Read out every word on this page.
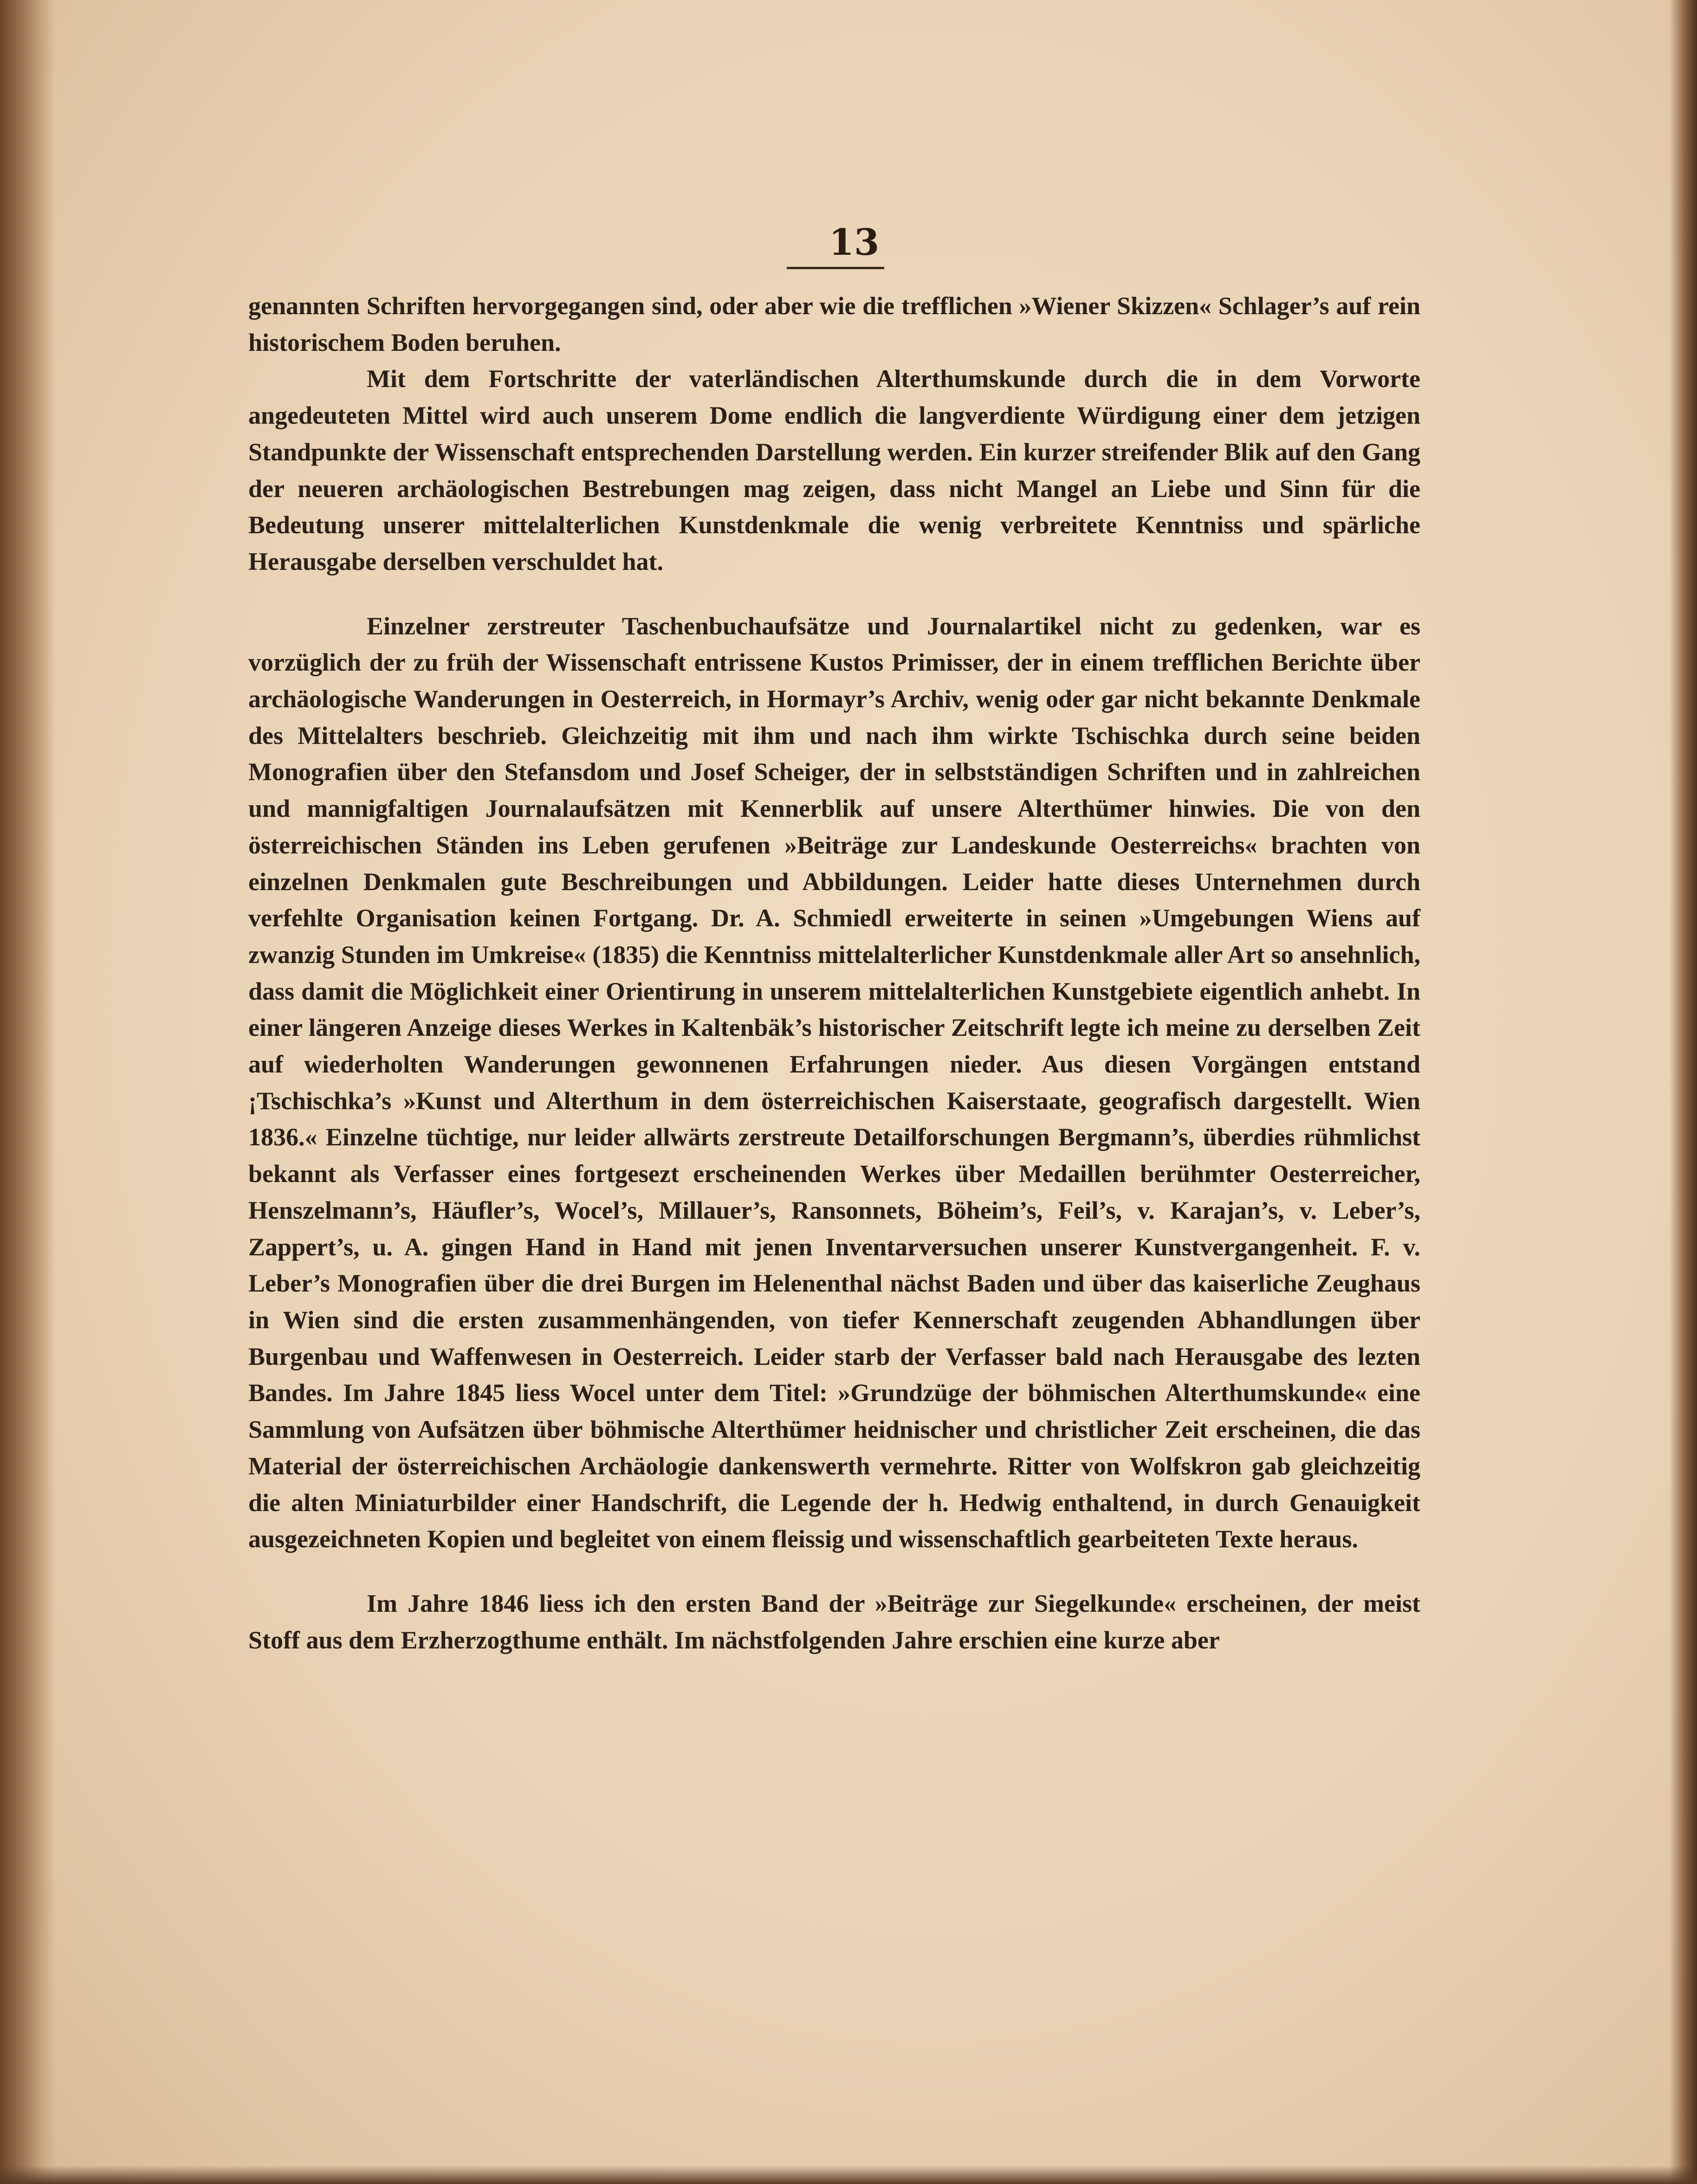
13

genannten Schriften hervorgegangen sind, oder aber wie die trefflichen »Wiener Skizzen« Schlager’s auf rein historischem Boden beruhen.

Mit dem Fortschritte der vaterländischen Alterthumskunde durch die in dem Vorworte angedeuteten Mittel wird auch unserem Dome endlich die langverdiente Würdigung einer dem jetzigen Standpunkte der Wissenschaft entsprechenden Darstellung werden. Ein kurzer streifender Blik auf den Gang der neueren archäologischen Bestrebungen mag zeigen, dass nicht Mangel an Liebe und Sinn für die Bedeutung unserer mittelalterlichen Kunstdenkmale die wenig verbreitete Kenntniss und spärliche Herausgabe derselben verschuldet hat.

Einzelner zerstreuter Taschenbuchaufsätze und Journalartikel nicht zu gedenken, war es vorzüglich der zu früh der Wissenschaft entrissene Kustos Primisser, der in einem trefflichen Berichte über archäologische Wanderungen in Oesterreich, in Hormayr’s Archiv, wenig oder gar nicht bekannte Denkmale des Mittelalters beschrieb. Gleichzeitig mit ihm und nach ihm wirkte Tschischka durch seine beiden Monografien über den Stefansdom und Josef Scheiger, der in selbstständigen Schriften und in zahlreichen und mannigfaltigen Journalaufsätzen mit Kennerblik auf unsere Alterthümer hinwies. Die von den österreichischen Ständen ins Leben gerufenen »Beiträge zur Landeskunde Oesterreichs« brachten von einzelnen Denkmalen gute Beschreibungen und Abbildungen. Leider hatte dieses Unternehmen durch verfehlte Organisation keinen Fortgang. Dr. A. Schmiedl erweiterte in seinen »Umgebungen Wiens auf zwanzig Stunden im Umkreise« (1835) die Kenntniss mittelalterlicher Kunstdenkmale aller Art so ansehnlich, dass damit die Möglichkeit einer Orientirung in unserem mittelalterlichen Kunstgebiete eigentlich anhebt. In einer längeren Anzeige dieses Werkes in Kaltenbäk’s historischer Zeitschrift legte ich meine zu derselben Zeit auf wiederholten Wanderungen gewonnenen Erfahrungen nieder. Aus diesen Vorgängen entstand ¡Tschischka’s »Kunst und Alterthum in dem österreichischen Kaiserstaate, geografisch dargestellt. Wien 1836.« Einzelne tüchtige, nur leider allwärts zerstreute Detailforschungen Bergmann’s, überdies rühmlichst bekannt als Verfasser eines fortgesezt erscheinenden Werkes über Medaillen berühmter Oesterreicher, Henszelmann’s, Häufler’s, Wocel’s, Millauer’s, Ransonnets, Böheim’s, Feil’s, v. Karajan’s, v. Leber’s, Zappert’s, u. A. gingen Hand in Hand mit jenen Inventarversuchen unserer Kunstvergangenheit. F. v. Leber’s Monografien über die drei Burgen im Helenenthal nächst Baden und über das kaiserliche Zeughaus in Wien sind die ersten zusammenhängenden, von tiefer Kennerschaft zeugenden Abhandlungen über Burgenbau und Waffenwesen in Oesterreich. Leider starb der Verfasser bald nach Herausgabe des lezten Bandes. Im Jahre 1845 liess Wocel unter dem Titel: »Grundzüge der böhmischen Alterthumskunde« eine Sammlung von Aufsätzen über böhmische Alterthümer heidnischer und christlicher Zeit erscheinen, die das Material der österreichischen Archäologie dankenswerth vermehrte. Ritter von Wolfskron gab gleichzeitig die alten Miniaturbilder einer Handschrift, die Legende der h. Hedwig enthaltend, in durch Genauigkeit ausgezeichneten Kopien und begleitet von einem fleissig und wissenschaftlich gearbeiteten Texte heraus.

Im Jahre 1846 liess ich den ersten Band der »Beiträge zur Siegelkunde« erscheinen, der meist Stoff aus dem Erzherzogthume enthält. Im nächstfolgenden Jahre erschien eine kurze aber
